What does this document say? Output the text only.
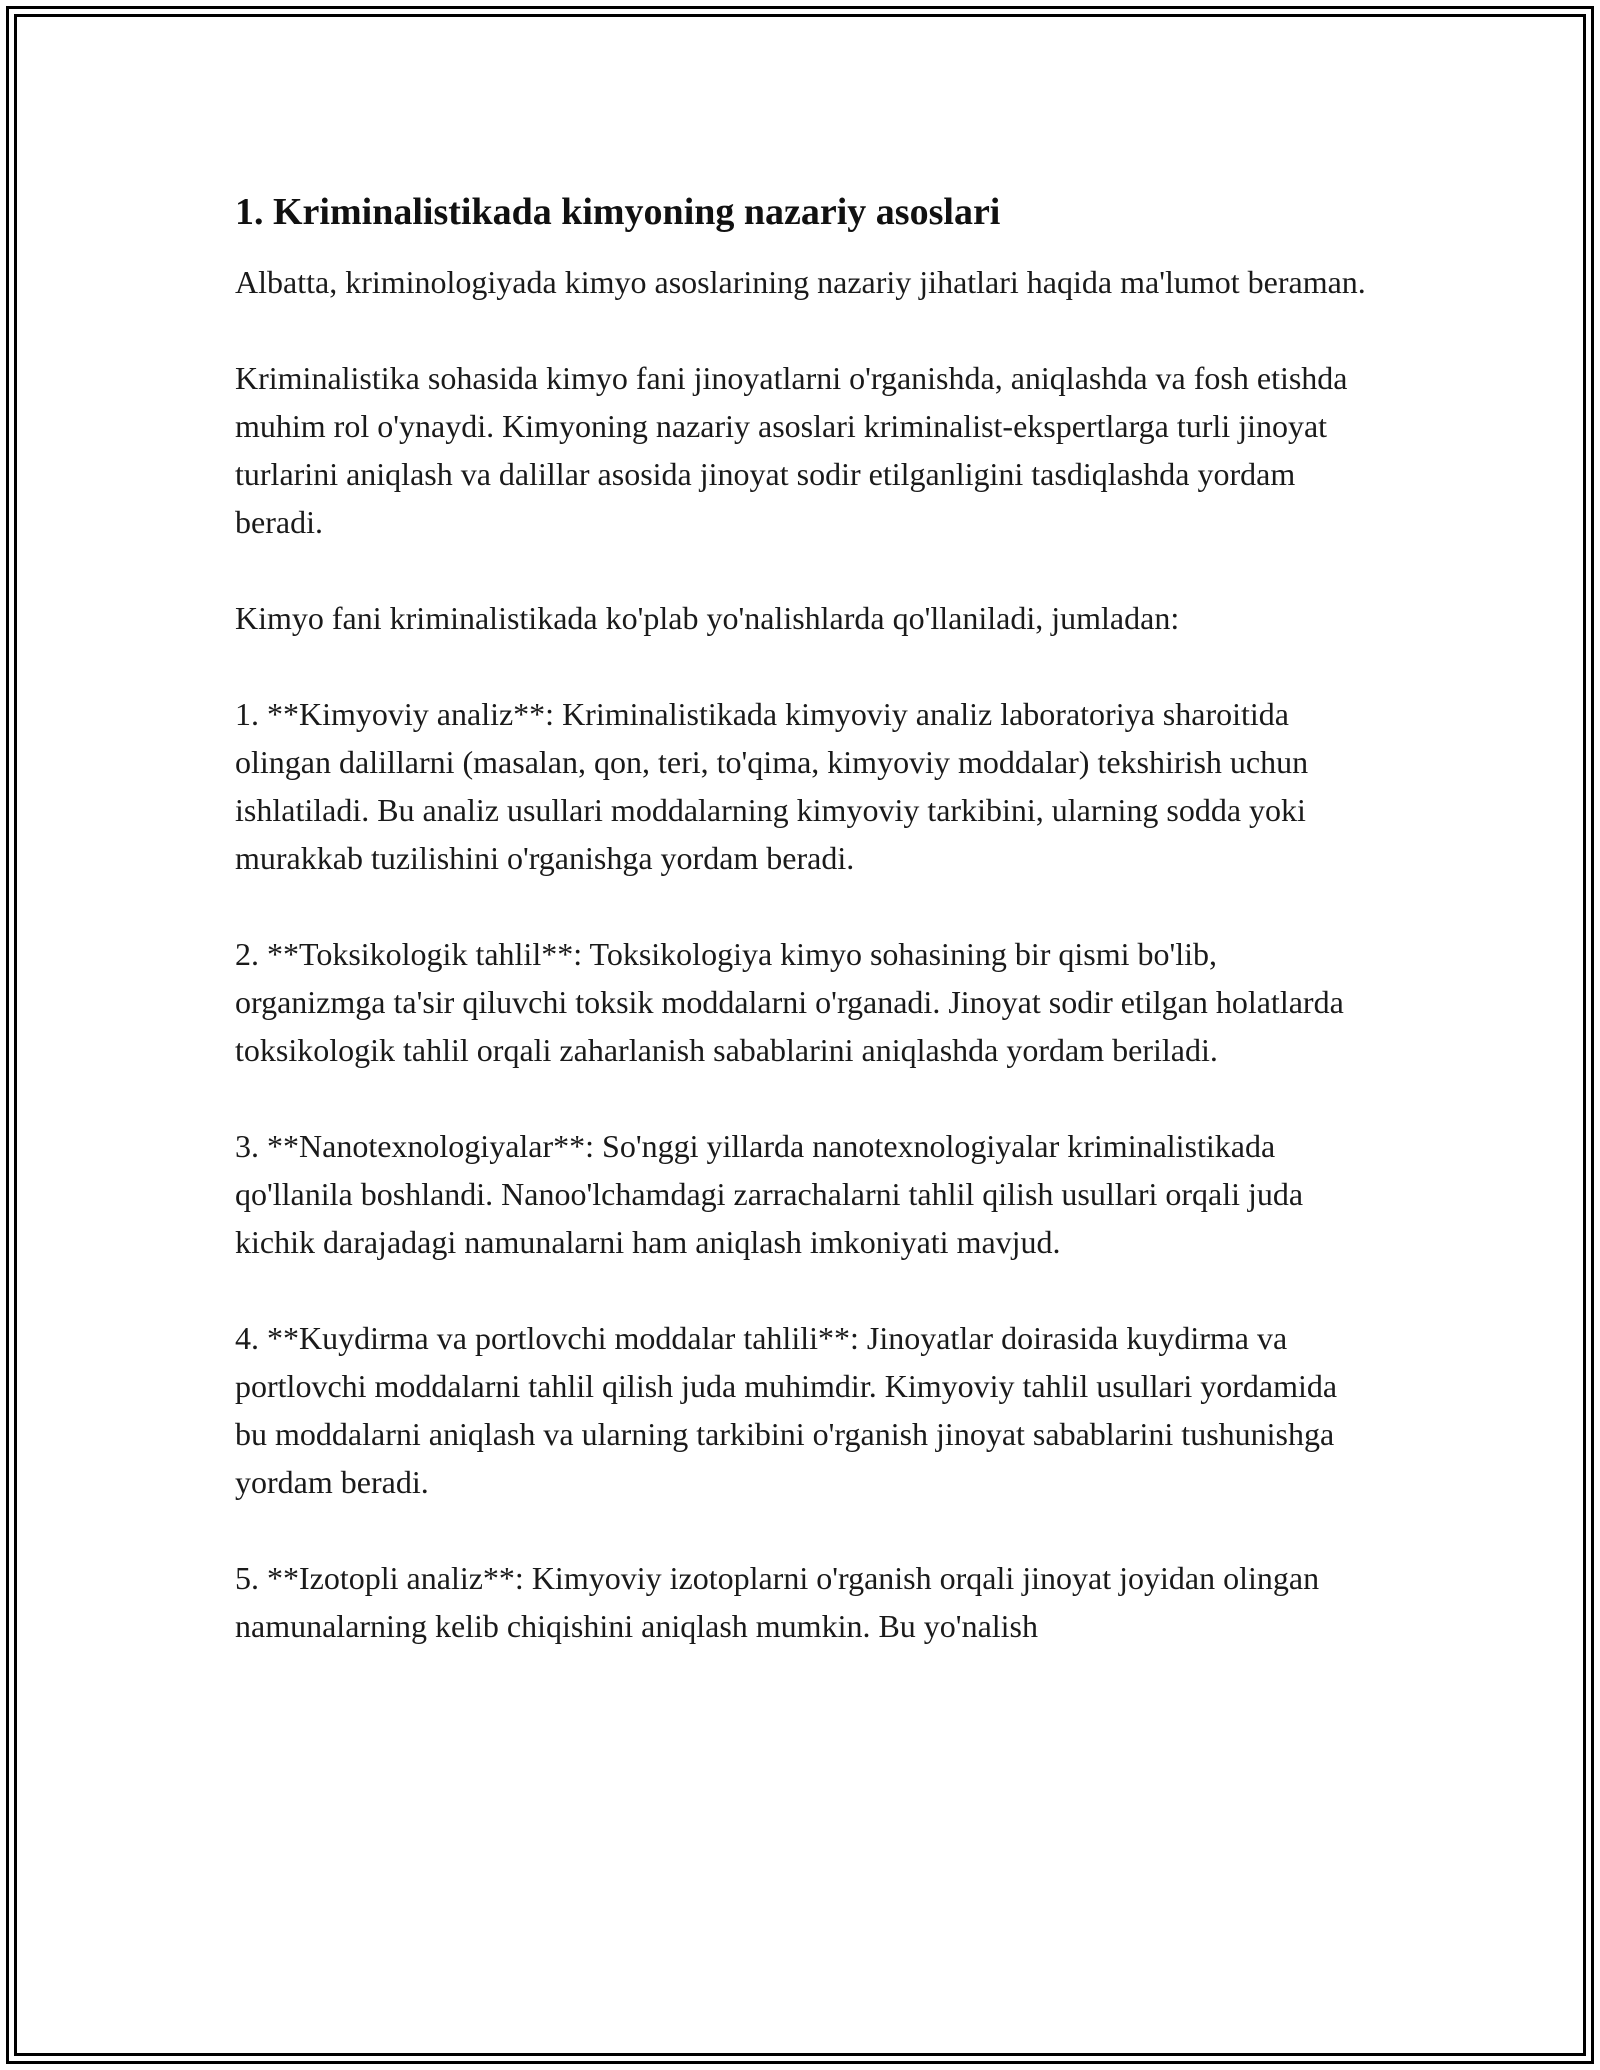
1. Kriminalistikada kimyoning nazariy asoslari

Albatta, kriminologiyada kimyo asoslarining nazariy jihatlari haqida ma'lumot beraman.

Kriminalistika sohasida kimyo fani jinoyatlarni o'rganishda, aniqlashda va fosh etishda muhim rol o'ynaydi. Kimyoning nazariy asoslari kriminalist-ekspertlarga turli jinoyat turlarini aniqlash va dalillar asosida jinoyat sodir etilganligini tasdiqlashda yordam beradi.

Kimyo fani kriminalistikada ko'plab yo'nalishlarda qo'llaniladi, jumladan:

1. **Kimyoviy analiz**: Kriminalistikada kimyoviy analiz laboratoriya sharoitida olingan dalillarni (masalan, qon, teri, to'qima, kimyoviy moddalar) tekshirish uchun ishlatiladi. Bu analiz usullari moddalarning kimyoviy tarkibini, ularning sodda yoki murakkab tuzilishini o'rganishga yordam beradi.

2. **Toksikologik tahlil**: Toksikologiya kimyo sohasining bir qismi bo'lib, organizmga ta'sir qiluvchi toksik moddalarni o'rganadi. Jinoyat sodir etilgan holatlarda toksikologik tahlil orqali zaharlanish sabablarini aniqlashda yordam beriladi.

3. **Nanotexnologiyalar**: So'nggi yillarda nanotexnologiyalar kriminalistikada qo'llanila boshlandi. Nanoo'lchamdagi zarrachalarni tahlil qilish usullari orqali juda kichik darajadagi namunalarni ham aniqlash imkoniyati mavjud.

4. **Kuydirma va portlovchi moddalar tahlili**: Jinoyatlar doirasida kuydirma va portlovchi moddalarni tahlil qilish juda muhimdir. Kimyoviy tahlil usullari yordamida bu moddalarni aniqlash va ularning tarkibini o'rganish jinoyat sabablarini tushunishga yordam beradi.

5. **Izotopli analiz**: Kimyoviy izotoplarni o'rganish orqali jinoyat joyidan olingan namunalarning kelib chiqishini aniqlash mumkin. Bu yo'nalish
